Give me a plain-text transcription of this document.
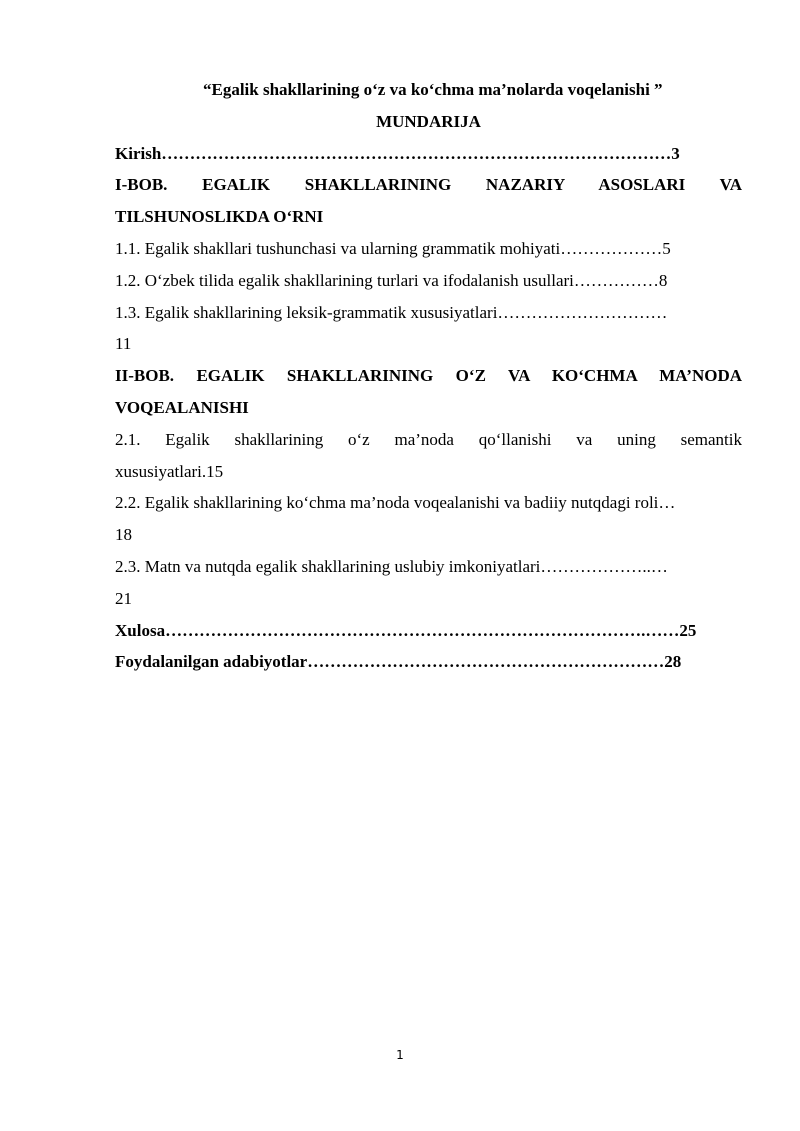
“Egalik shakllarining o‘z va ko‘chma ma’nolarda voqelanishi ”

MUNDARIJA

Kirish………………………………………………………………………………3
I-BOB. EGALIK SHAKLLARINING NAZARIY ASOSLARI VA
TILSHUNOSLIKDA O‘RNI
1.1. Egalik shakllari tushunchasi va ularning grammatik mohiyati………………5
1.2. O‘zbek tilida egalik shakllarining turlari va ifodalanish usullari……………8
1.3. Egalik shakllarining leksik-grammatik xususiyatlari…………………………
11
II-BOB. EGALIK SHAKLLARINING O‘Z VA KO‘CHMA MA’NODA
VOQEALANISHI
2.1. Egalik shakllarining o‘z ma’noda qo‘llanishi va uning semantik
xususiyatlari.15
2.2. Egalik shakllarining ko‘chma ma’noda voqealanishi va badiiy nutqdagi roli…
18
2.3. Matn va nutqda egalik shakllarining uslubiy imkoniyatlari………………..…
21
Xulosa………………………………………………………………………….……25
Foydalanilgan adabiyotlar………………………………………………………28
1
